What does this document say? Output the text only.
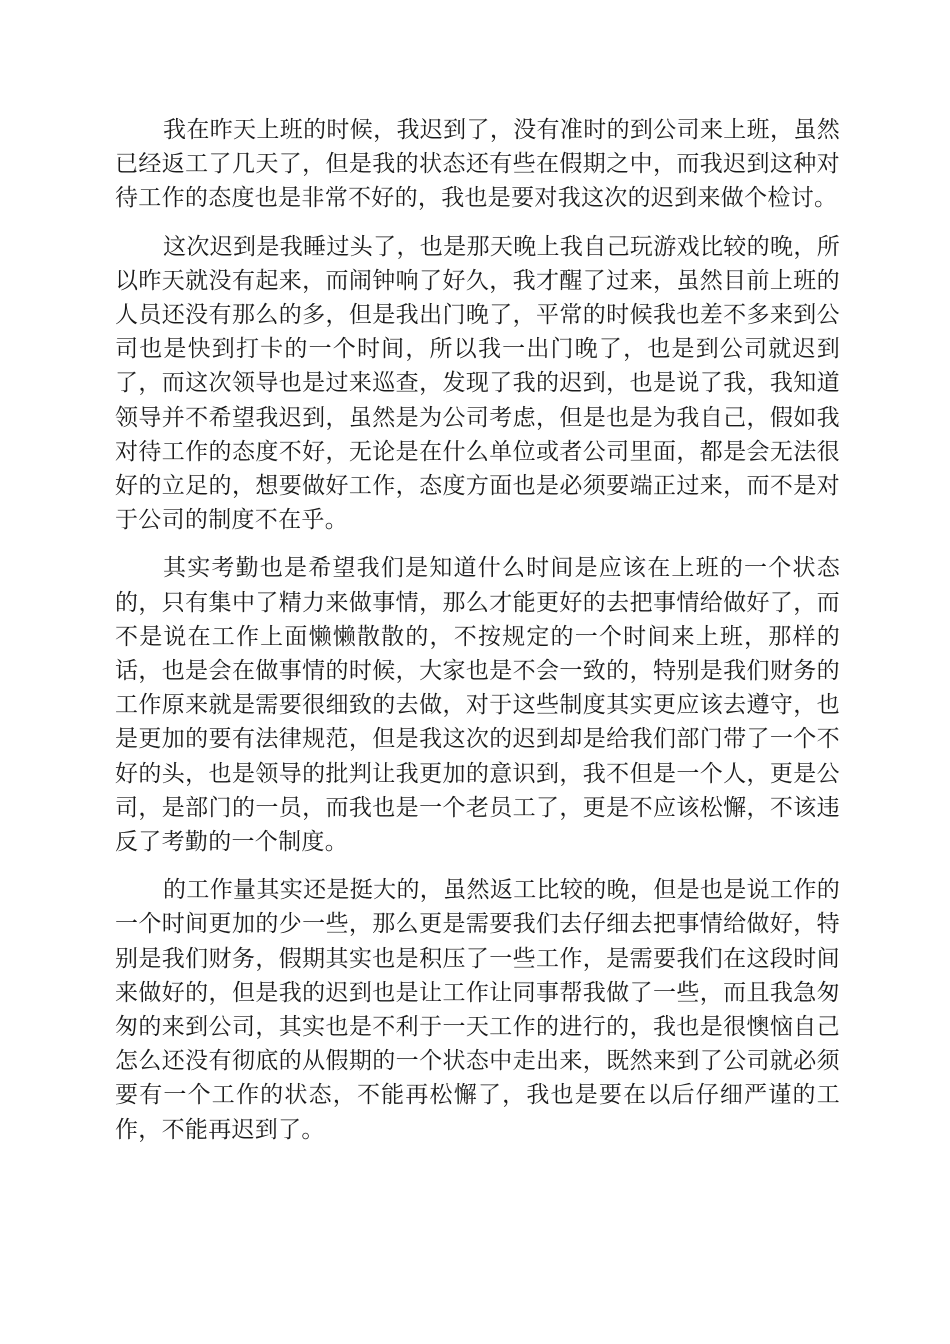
我在昨天上班的时候，我迟到了，没有准时的到公司来上班，虽然已经返工了几天了，但是我的状态还有些在假期之中，而我迟到这种对待工作的态度也是非常不好的，我也是要对我这次的迟到来做个检讨。

这次迟到是我睡过头了，也是那天晚上我自己玩游戏比较的晚，所以昨天就没有起来，而闹钟响了好久，我才醒了过来，虽然目前上班的人员还没有那么的多，但是我出门晚了，平常的时候我也差不多来到公司也是快到打卡的一个时间，所以我一出门晚了，也是到公司就迟到了，而这次领导也是过来巡查，发现了我的迟到，也是说了我，我知道领导并不希望我迟到，虽然是为公司考虑，但是也是为我自己，假如我对待工作的态度不好，无论是在什么单位或者公司里面，都是会无法很好的立足的，想要做好工作，态度方面也是必须要端正过来，而不是对于公司的制度不在乎。

其实考勤也是希望我们是知道什么时间是应该在上班的一个状态的，只有集中了精力来做事情，那么才能更好的去把事情给做好了，而不是说在工作上面懒懒散散的，不按规定的一个时间来上班，那样的话，也是会在做事情的时候，大家也是不会一致的，特别是我们财务的工作原来就是需要很细致的去做，对于这些制度其实更应该去遵守，也是更加的要有法律规范，但是我这次的迟到却是给我们部门带了一个不好的头，也是领导的批判让我更加的意识到，我不但是一个人，更是公司，是部门的一员，而我也是一个老员工了，更是不应该松懈，不该违反了考勤的一个制度。

的工作量其实还是挺大的，虽然返工比较的晚，但是也是说工作的一个时间更加的少一些，那么更是需要我们去仔细去把事情给做好，特别是我们财务，假期其实也是积压了一些工作，是需要我们在这段时间来做好的，但是我的迟到也是让工作让同事帮我做了一些，而且我急匆匆的来到公司，其实也是不利于一天工作的进行的，我也是很懊恼自己怎么还没有彻底的从假期的一个状态中走出来，既然来到了公司就必须要有一个工作的状态，不能再松懈了，我也是要在以后仔细严谨的工作，不能再迟到了。
